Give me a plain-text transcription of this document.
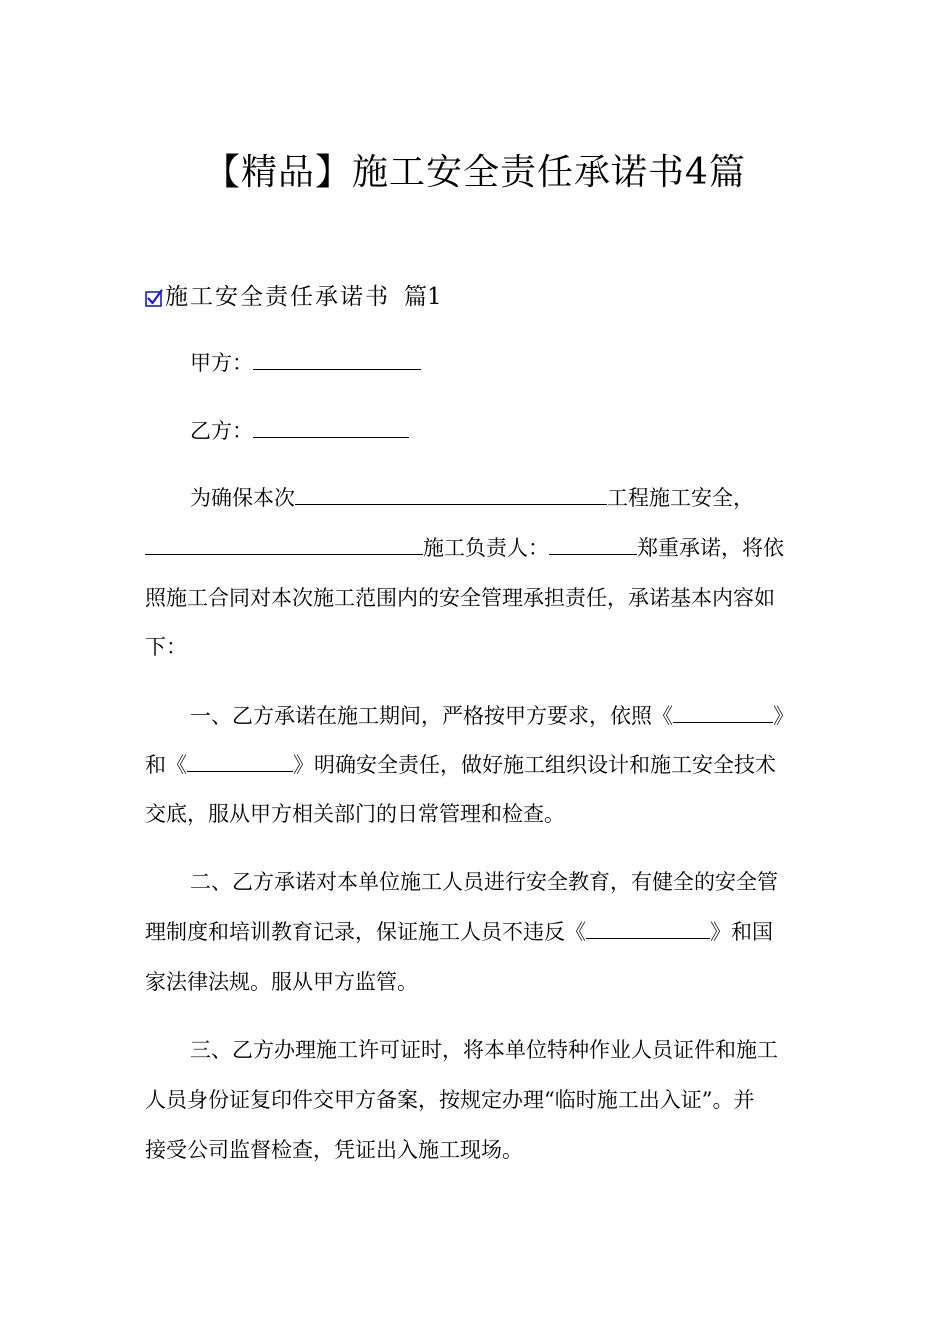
【精品】施工安全责任承诺书4篇
施工安全责任承诺书 篇1
甲方：
乙方：
为确保本次	工程施工安全，
施工负责人：	郑重承诺，将依
照施工合同对本次施工范围内的安全管理承担责任，承诺基本内容如
下：
一、乙方承诺在施工期间，严格按甲方要求，依照《	》
和《	》明确安全责任，做好施工组织设计和施工安全技术
交底，服从甲方相关部门的日常管理和检查。
二、乙方承诺对本单位施工人员进行安全教育，有健全的安全管
理制度和培训教育记录，保证施工人员不违反《	》和国
家法律法规。服从甲方监管。
三、乙方办理施工许可证时，将本单位特种作业人员证件和施工
人员身份证复印件交甲方备案，按规定办理“临时施工出入证”。并
接受公司监督检查，凭证出入施工现场。
